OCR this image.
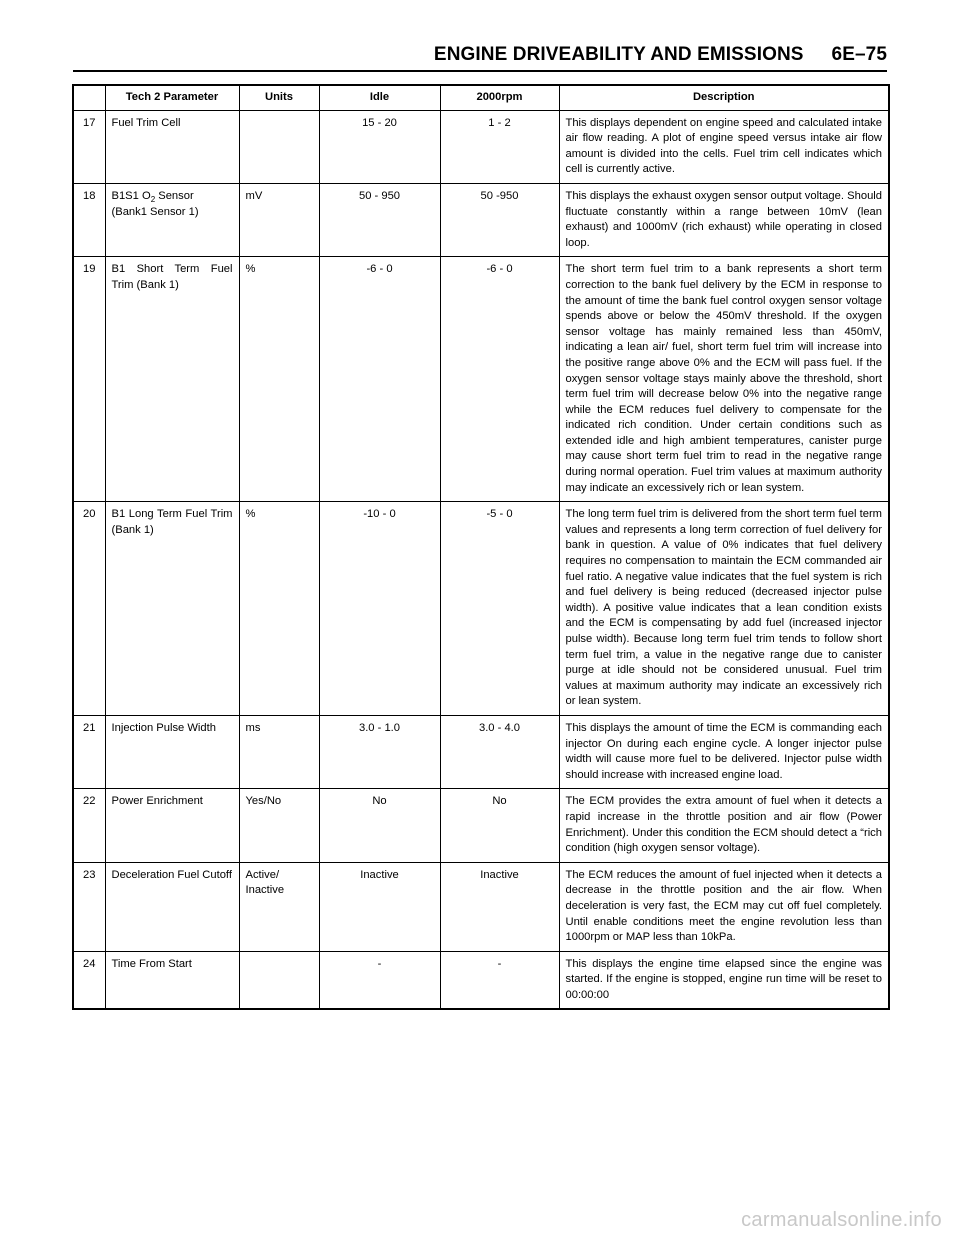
ENGINE DRIVEABILITY AND EMISSIONS 6E–75
	Tech 2 Parameter	Units	Idle	2000rpm	Description
17	Fuel Trim Cell		15 - 20	1 - 2	This displays dependent on engine speed and calculated intake air flow reading. A plot of engine speed versus intake air flow amount is divided into the cells. Fuel trim cell indicates which cell is currently active.
18	B1S1 $O_2$ Sensor
(Bank1 Sensor 1)	mV	50 - 950	50 -950	This displays the exhaust oxygen sensor output voltage. Should fluctuate constantly within a range between 10mV (lean exhaust) and 1000mV (rich exhaust) while operating in closed loop.
19	B1 Short Term Fuel Trim (Bank 1)	%	-6 - 0	-6 - 0	The short term fuel trim to a bank represents a short term correction to the bank fuel delivery by the ECM in response to the amount of time the bank fuel control oxygen sensor voltage spends above or below the 450mV threshold. If the oxygen sensor voltage has mainly remained less than 450mV, indicating a lean air/ fuel, short term fuel trim will increase into the positive range above 0% and the ECM will pass fuel. If the oxygen sensor voltage stays mainly above the threshold, short term fuel trim will decrease below 0% into the negative range while the ECM reduces fuel delivery to compensate for the indicated rich condition. Under certain conditions such as extended idle and high ambient temperatures, canister purge may cause short term fuel trim to read in the negative range during normal operation. Fuel trim values at maximum authority may indicate an excessively rich or lean system.
20	B1 Long Term Fuel Trim (Bank 1)	%	-10 - 0	-5 - 0	The long term fuel trim is delivered from the short term fuel term values and represents a long term correction of fuel delivery for bank in question. A value of 0% indicates that fuel delivery requires no compensation to maintain the ECM commanded air fuel ratio. A negative value indicates that the fuel system is rich and fuel delivery is being reduced (decreased injector pulse width). A positive value indicates that a lean condition exists and the ECM is compensating by add fuel (increased injector pulse width). Because long term fuel trim tends to follow short term fuel trim, a value in the negative range due to canister purge at idle should not be considered unusual. Fuel trim values at maximum authority may indicate an excessively rich or lean system.
21	Injection Pulse Width	ms	3.0 - 1.0	3.0 - 4.0	This displays the amount of time the ECM is commanding each injector On during each engine cycle. A longer injector pulse width will cause more fuel to be delivered. Injector pulse width should increase with increased engine load.
22	Power Enrichment	Yes/No	No	No	The ECM provides the extra amount of fuel when it detects a rapid increase in the throttle position and air flow (Power Enrichment). Under this condition the ECM should detect a “rich condition (high oxygen sensor voltage).
23	Deceleration Fuel Cutoff	Active/
Inactive	Inactive	Inactive	The ECM reduces the amount of fuel injected when it detects a decrease in the throttle position and the air flow. When deceleration is very fast, the ECM may cut off fuel completely. Until enable conditions meet the engine revolution less than 1000rpm or MAP less than 10kPa.
24	Time From Start		-	-	This displays the engine time elapsed since the engine was started. If the engine is stopped, engine run time will be reset to 00:00:00
carmanualsonline.info
